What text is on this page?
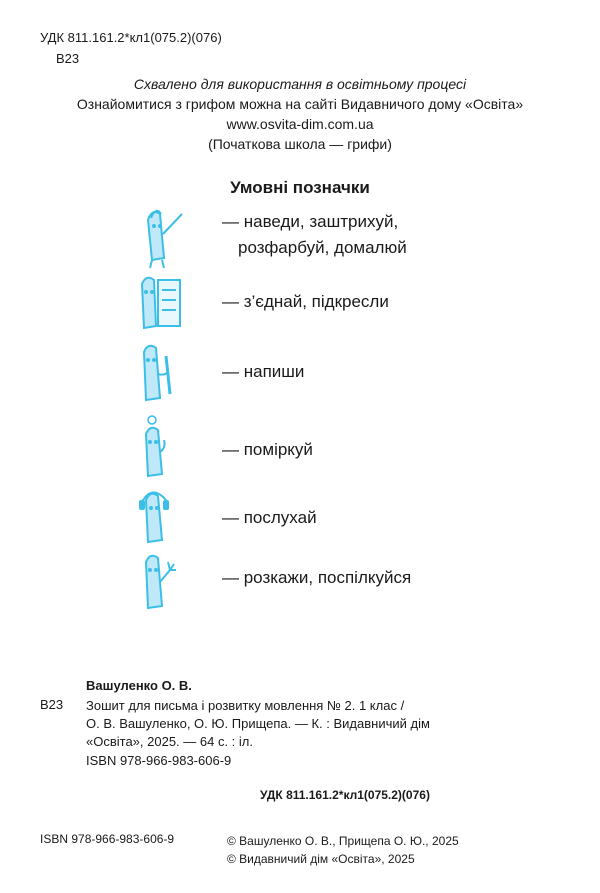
УДК 811.161.2*кл1(075.2)(076)
В23
Схвалено для використання в освітньому процесі
Ознайомитися з грифом можна на сайті Видавничого дому «Освіта»
www.osvita-dim.com.ua
(Початкова школа — грифи)
Умовні позначки
— наведи, заштрихуй,
розфарбуй, домалюй
— з’єднай, підкресли
— напиши
— поміркуй
— послухай
— розкажи, поспілкуйся
Вашуленко О. В.
В23 Зошит для письма і розвитку мовлення № 2. 1 клас /
О. В. Вашуленко, О. Ю. Прищепа. — К. : Видавничий дім
«Освіта», 2025. — 64 с. : іл.
ISBN 978-966-983-606-9
УДК 811.161.2*кл1(075.2)(076)
ISBN 978-966-983-606-9	© Вашуленко О. В., Прищепа О. Ю., 2025
© Видавничий дім «Освіта», 2025
